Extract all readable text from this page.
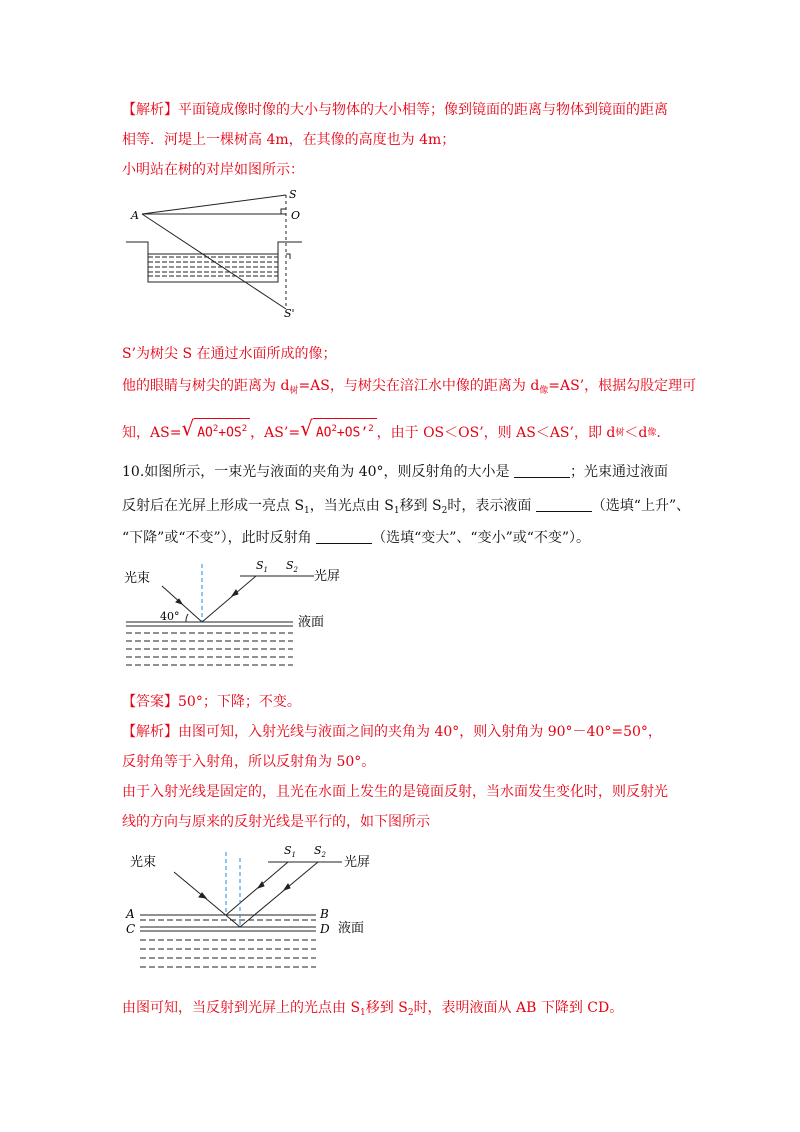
【解析】平面镜成像时像的大小与物体的大小相等；像到镜面的距离与物体到镜面的距离
相等．河堤上一棵树高 4m，在其像的高度也为 4m；
小明站在树的对岸如图所示：
S
A	O
S'
S’为树尖 S 在通过水面所成的像；
他的眼睛与树尖的距离为 $d_树=AS$，与树尖在涪江水中像的距离为 $d_像=AS$’，根据勾股定理可
知，AS= √ $AO^2+OS^2$ ，AS’= √ $AO^2+OS’^2$ ，由于 OS＜OS’，则 AS＜AS’，即 d 树 ＜d 像 .
10.如图所示，一束光与液面的夹角为 40°，则反射角的大小是	；光束通过液面
反射后在光屏上形成一亮点 $S_1$，当光点由 $S_1$移到 $S_2$时，表示液面	（选填“上升”、
“下降”或“不变”），此时反射角	（选填“变大”、“变小”或“不变”）。
光束
40°
$S_1$ $S_2$ 光屏
液面
【答案】50°；下降；不变。
【解析】由图可知，入射光线与液面之间的夹角为 40°，则入射角为 90°－40°=50°，
反射角等于入射角，所以反射角为 50°。
由于入射光线是固定的，且光在水面上发生的是镜面反射，当水面发生变化时，则反射光
线的方向与原来的反射光线是平行的，如下图所示
光束
$S_1$ $S_2$ 光屏
A	B
C	D 液面
由图可知，当反射到光屏上的光点由 $S_1$移到 $S_2$时，表明液面从 AB 下降到 CD。
